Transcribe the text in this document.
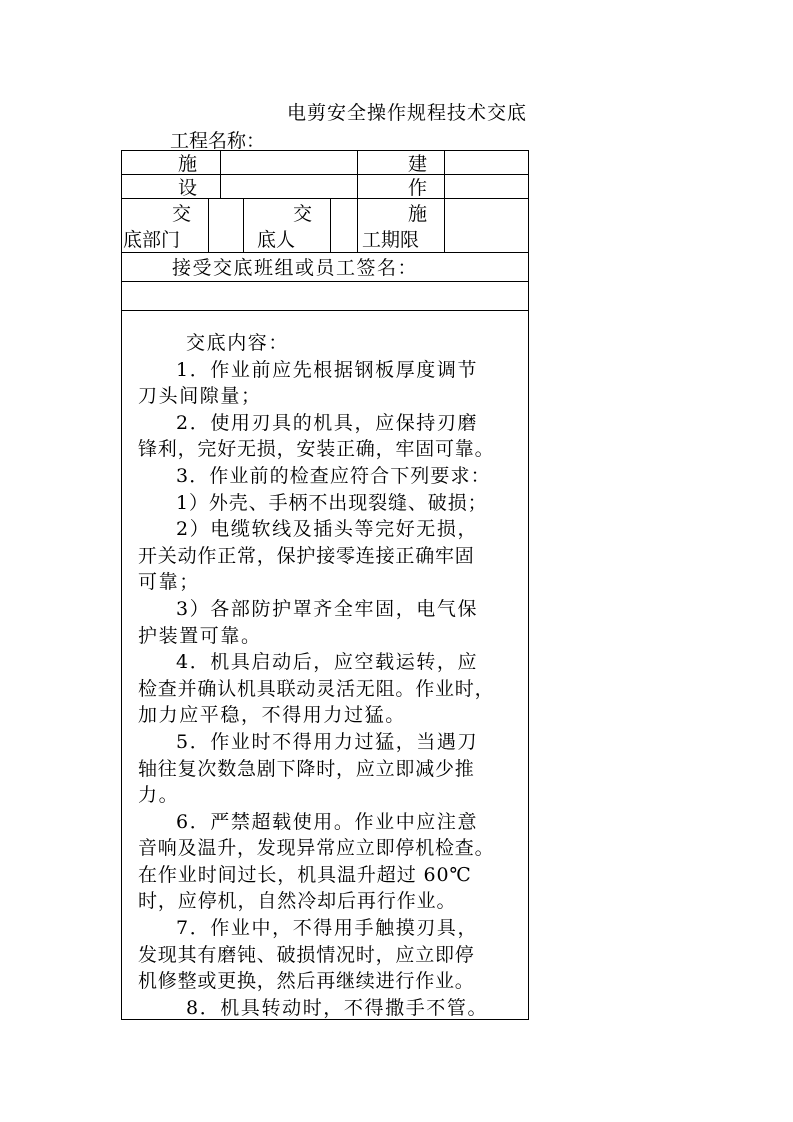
电剪安全操作规程技术交底
工程名称：
施
设
建
作
交
底部门
交
底人
施
工期限
接受交底班组或员工签名：
交底内容：
1．作业前应先根据钢板厚度调节
刀头间隙量；
2．使用刃具的机具，应保持刃磨
锋利，完好无损，安装正确，牢固可靠。
3．作业前的检查应符合下列要求：
1）外壳、手柄不出现裂缝、破损；
2）电缆软线及插头等完好无损，
开关动作正常，保护接零连接正确牢固
可靠；
3）各部防护罩齐全牢固，电气保
护装置可靠。
4．机具启动后，应空载运转，应
检查并确认机具联动灵活无阻。作业时，
加力应平稳，不得用力过猛。
5．作业时不得用力过猛，当遇刀
轴往复次数急剧下降时，应立即减少推
力。
6．严禁超载使用。作业中应注意
音响及温升，发现异常应立即停机检查。
在作业时间过长，机具温升超过 60℃
时，应停机，自然冷却后再行作业。
7．作业中，不得用手触摸刃具，
发现其有磨钝、破损情况时，应立即停
机修整或更换，然后再继续进行作业。
8．机具转动时，不得撒手不管。
